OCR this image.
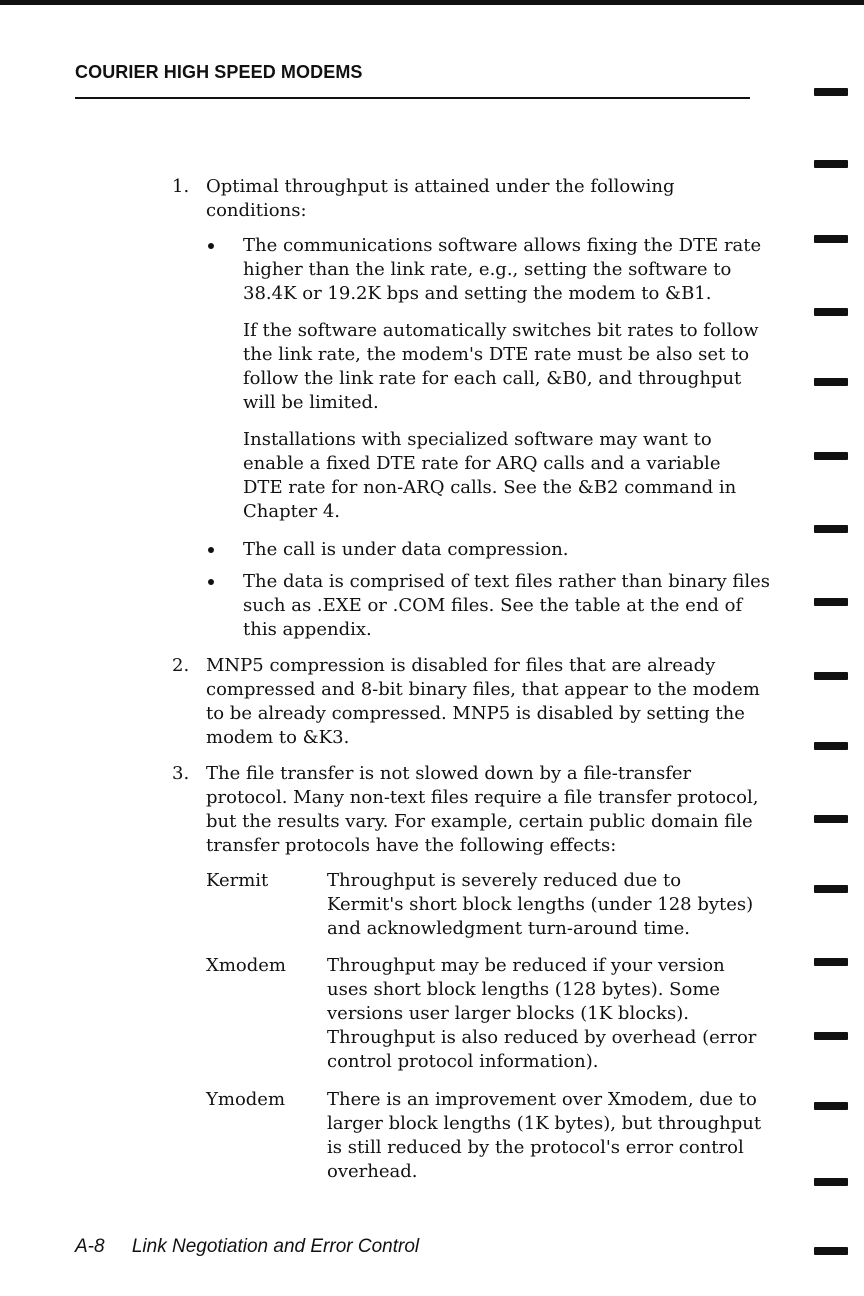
COURIER HIGH SPEED MODEMS
1. Optimal throughput is attained under the following
conditions:
The communications software allows fixing the DTE rate
higher than the link rate, e.g., setting the software to
38.4K or 19.2K bps and setting the modem to &B1.
If the software automatically switches bit rates to follow
the link rate, the modem's DTE rate must be also set to
follow the link rate for each call, &B0, and throughput
will be limited.
Installations with specialized software may want to
enable a fixed DTE rate for ARQ calls and a variable
DTE rate for non-ARQ calls. See the &B2 command in
Chapter 4.
The call is under data compression.
The data is comprised of text files rather than binary files
such as .EXE or .COM files. See the table at the end of
this appendix.
2. MNP5 compression is disabled for files that are already
compressed and 8-bit binary files, that appear to the modem
to be already compressed. MNP5 is disabled by setting the
modem to &K3.
3. The file transfer is not slowed down by a file-transfer
protocol. Many non-text files require a file transfer protocol,
but the results vary. For example, certain public domain file
transfer protocols have the following effects:
Kermit	Throughput is severely reduced due to
Kermit's short block lengths (under 128 bytes)
and acknowledgment turn-around time.
Xmodem Throughput may be reduced if your version
uses short block lengths (128 bytes). Some
versions user larger blocks (1K blocks).
Throughput is also reduced by overhead (error
control protocol information).
Ymodem There is an improvement over Xmodem, due to
larger block lengths (1K bytes), but throughput
is still reduced by the protocol's error control
overhead.
A-8 Link Negotiation and Error Control
